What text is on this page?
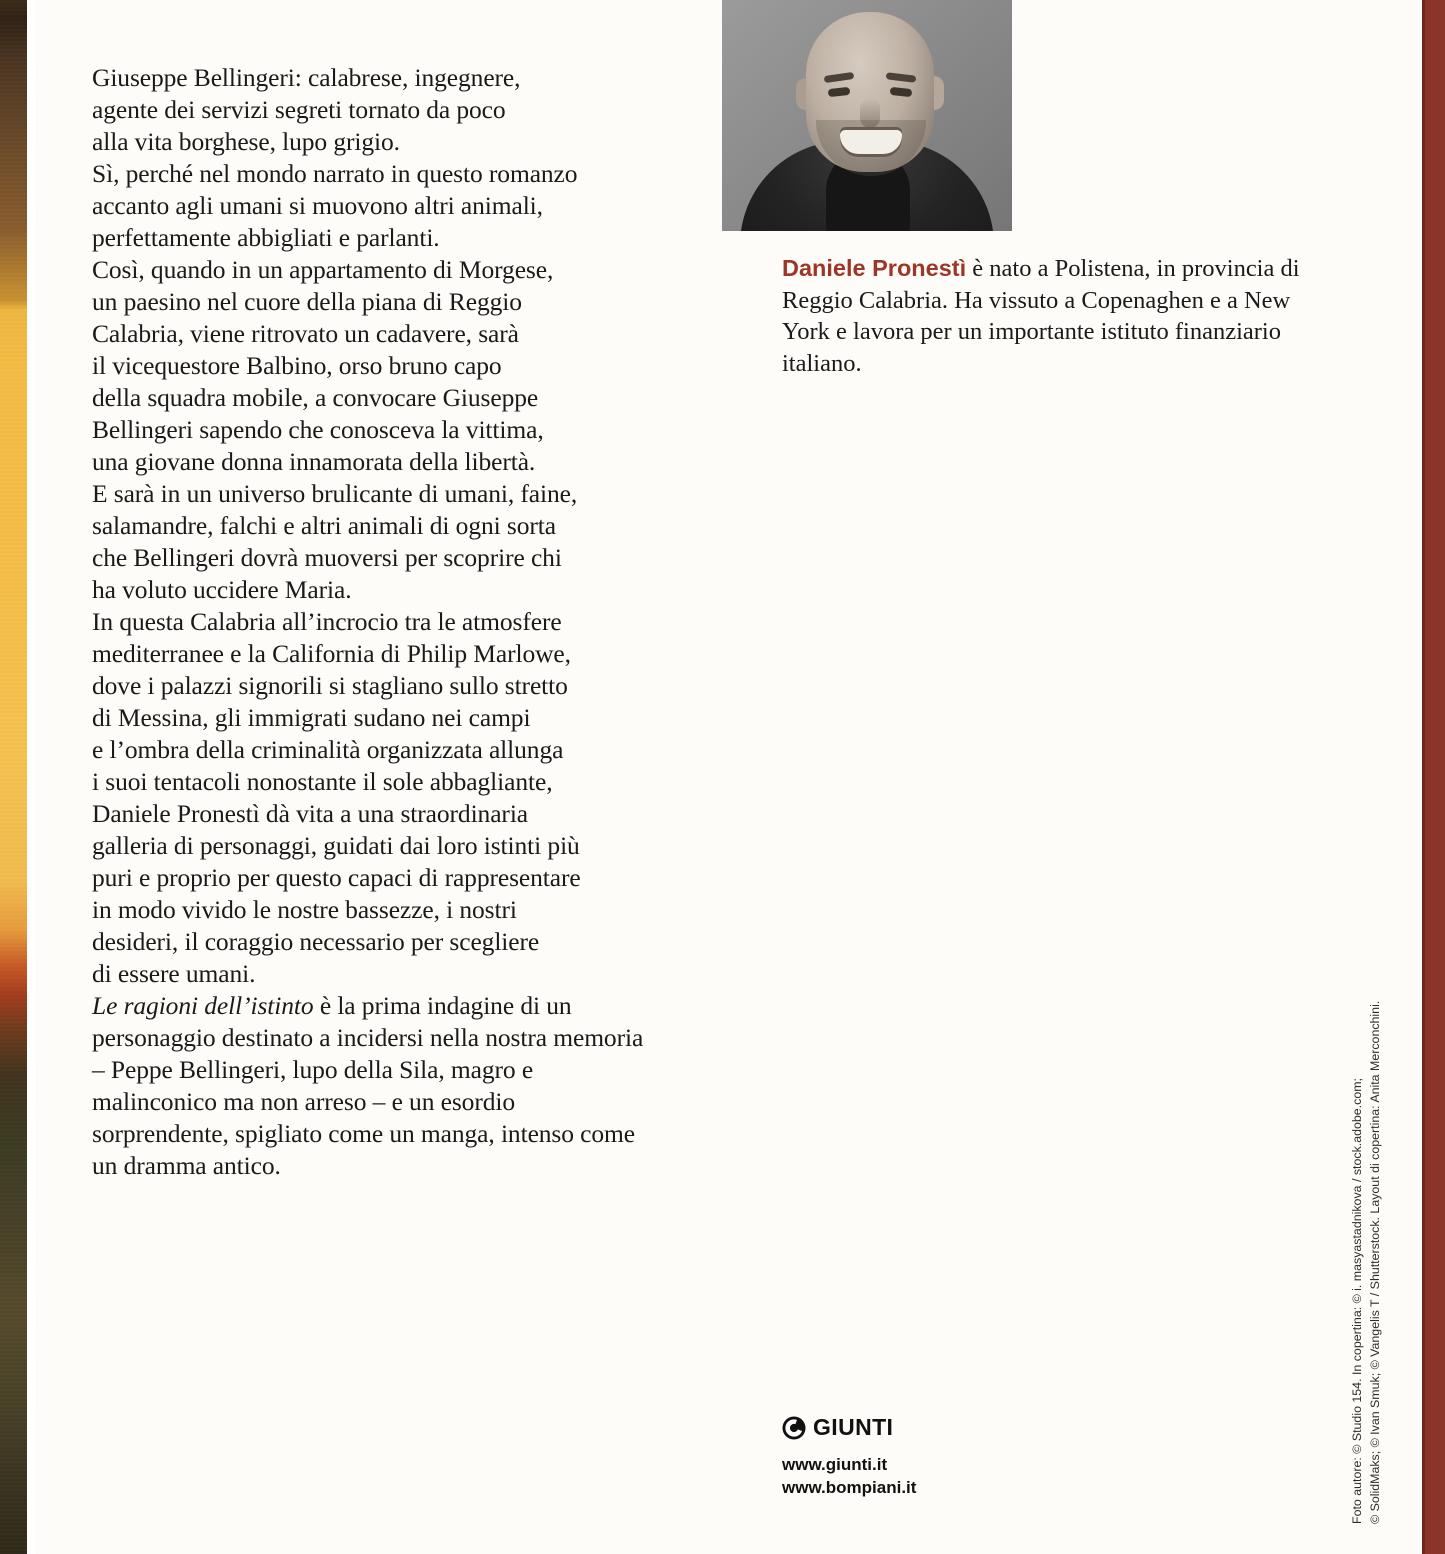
Giuseppe Bellingeri: calabrese, ingegnere,

agente dei servizi segreti tornato da poco

alla vita borghese, lupo grigio.

Sì, perché nel mondo narrato in questo romanzo

accanto agli umani si muovono altri animali,

perfettamente abbigliati e parlanti.

Così, quando in un appartamento di Morgese,

un paesino nel cuore della piana di Reggio

Calabria, viene ritrovato un cadavere, sarà

il vicequestore Balbino, orso bruno capo

della squadra mobile, a convocare Giuseppe

Bellingeri sapendo che conosceva la vittima,

una giovane donna innamorata della libertà.

E sarà in un universo brulicante di umani, faine,

salamandre, falchi e altri animali di ogni sorta

che Bellingeri dovrà muoversi per scoprire chi

ha voluto uccidere Maria.

In questa Calabria all’incrocio tra le atmosfere

mediterranee e la California di Philip Marlowe,

dove i palazzi signorili si stagliano sullo stretto

di Messina, gli immigrati sudano nei campi

e l’ombra della criminalità organizzata allunga

i suoi tentacoli nonostante il sole abbagliante,

Daniele Pronestì dà vita a una straordinaria

galleria di personaggi, guidati dai loro istinti più

puri e proprio per questo capaci di rappresentare

in modo vivido le nostre bassezze, i nostri

desideri, il coraggio necessario per scegliere

di essere umani.

Le ragioni dell’istinto è la prima indagine di un personaggio destinato a incidersi nella nostra memoria – Peppe Bellingeri, lupo della Sila, magro e malinconico ma non arreso – e un esordio sorprendente, spigliato come un manga, intenso come un dramma antico.

Daniele Pronestì è nato a Polistena, in provincia di Reggio Calabria. Ha vissuto a Copenaghen e a New York e lavora per un importante istituto finanziario italiano.
GIUNTI
www.giunti.it
www.bompiani.it	Foto autore: © Studio 154. In copertina: © i. masyastadnikova / stock.adobe.com; © SolidMaks; © Ivan Smuk; © Vangelis T / Shutterstock. Layout di copertina: Anita Merconchini.
